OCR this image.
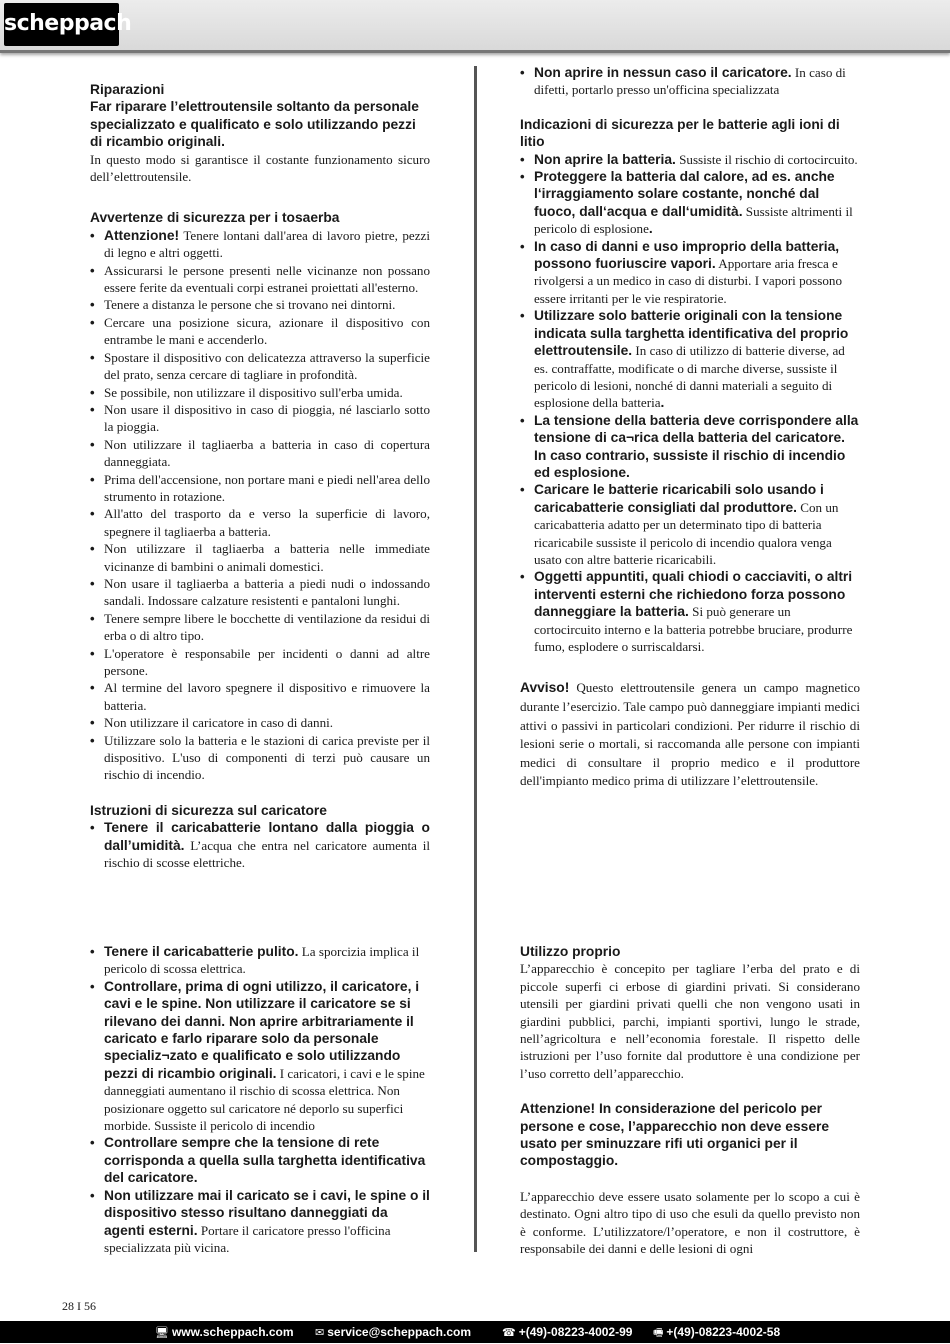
scheppach

Riparazioni

Far riparare l’elettroutensile soltanto da personale specializzato e qualificato e solo utilizzando pezzi di ricambio originali.

In questo modo si garantisce il costante funzionamento sicuro dell’elettroutensile.

Avvertenze di sicurezza per i tosaerba

• Attenzione! Tenere lontani dall'area di lavoro pietre, pezzi di legno e altri oggetti.
• Assicurarsi le persone presenti nelle vicinanze non possano essere ferite da eventuali corpi estranei proiettati all'esterno.
• Tenere a distanza le persone che si trovano nei dintorni.
• Cercare una posizione sicura, azionare il dispositivo con entrambe le mani e accenderlo.
• Spostare il dispositivo con delicatezza attraverso la superficie del prato, senza cercare di tagliare in profondità.
• Se possibile, non utilizzare il dispositivo sull'erba umida.
• Non usare il dispositivo in caso di pioggia, né lasciarlo sotto la pioggia.
• Non utilizzare il tagliaerba a batteria in caso di copertura danneggiata.
• Prima dell'accensione, non portare mani e piedi nell'area dello strumento in rotazione.
• All'atto del trasporto da e verso la superficie di lavoro, spegnere il tagliaerba a batteria.
• Non utilizzare il tagliaerba a batteria nelle immediate vicinanze di bambini o animali domestici.
• Non usare il tagliaerba a batteria a piedi nudi o indossando sandali. Indossare calzature resistenti e pantaloni lunghi.
• Tenere sempre libere le bocchette di ventilazione da residui di erba o di altro tipo.
• L'operatore è responsabile per incidenti o danni ad altre persone.
• Al termine del lavoro spegnere il dispositivo e rimuovere la batteria.
• Non utilizzare il caricatore in caso di danni.
• Utilizzare solo la batteria e le stazioni di carica previste per il dispositivo. L'uso di componenti di terzi può causare un rischio di incendio.

Istruzioni di sicurezza sul caricatore

• Tenere il caricabatterie lontano dalla pioggia o dall’umidità. L’acqua che entra nel caricatore aumenta il rischio di scosse elettriche.
• Tenere il caricabatterie pulito. La sporcizia implica il pericolo di scossa elettrica.
• Controllare, prima di ogni utilizzo, il caricatore, i cavi e le spine. Non utilizzare il caricatore se si rilevano dei danni. Non aprire arbitrariamente il caricato e farlo riparare solo da personale specializ¬zato e qualificato e solo utilizzando pezzi di ricambio originali. I caricatori, i cavi e le spine danneggiati aumentano il rischio di scossa elettrica. Non posizionare oggetto sul caricatore né deporlo su superfici morbide. Sussiste il pericolo di incendio
• Controllare sempre che la tensione di rete corrisponda a quella sulla targhetta identificativa del caricatore.
• Non utilizzare mai il caricato se i cavi, le spine o il dispositivo stesso risultano danneggiati da agenti esterni. Portare il caricatore presso l'officina specializzata più vicina.
• Non aprire in nessun caso il caricatore. In caso di difetti, portarlo presso un'officina specializzata

Indicazioni di sicurezza per le batterie agli ioni di litio

• Non aprire la batteria. Sussiste il rischio di cortocircuito.
• Proteggere la batteria dal calore, ad es. anche l‘irraggiamento solare costante, nonché dal fuoco, dall‘acqua e dall‘umidità. Sussiste altrimenti il pericolo di esplosione.
• In caso di danni e uso improprio della batteria, possono fuoriuscire vapori. Apportare aria fresca e rivolgersi a un medico in caso di disturbi. I vapori possono essere irritanti per le vie respiratorie.
• Utilizzare solo batterie originali con la tensione indicata sulla targhetta identificativa del proprio elettroutensile. In caso di utilizzo di batterie diverse, ad es. contraffatte, modificate o di marche diverse, sussiste il pericolo di lesioni, nonché di danni materiali a seguito di esplosione della batteria.
• La tensione della batteria deve corrispondere alla tensione di ca¬rica della batteria del caricatore. In caso contrario, sussiste il rischio di incendio ed esplosione.
• Caricare le batterie ricaricabili solo usando i caricabatterie consigliati dal produttore. Con un caricabatteria adatto per un determinato tipo di batteria ricaricabile sussiste il pericolo di incendio qualora venga usato con altre batterie ricaricabili.
• Oggetti appuntiti, quali chiodi o cacciaviti, o altri interventi esterni che richiedono forza possono danneggiare la batteria. Si può generare un cortocircuito interno e la batteria potrebbe bruciare, produrre fumo, esplodere o surriscaldarsi.

Avviso! Questo elettroutensile genera un campo magnetico durante l’esercizio. Tale campo può danneggiare impianti medici attivi o passivi in particolari condizioni. Per ridurre il rischio di lesioni serie o mortali, si raccomanda alle persone con impianti medici di consultare il proprio medico e il produttore dell'impianto medico prima di utilizzare l’elettroutensile.

Utilizzo proprio

L’apparecchio è concepito per tagliare l’erba del prato e di piccole superfi ci erbose di giardini privati. Si considerano utensili per giardini privati quelli che non vengono usati in giardini pubblici, parchi, impianti sportivi, lungo le strade, nell’agricoltura e nell’economia forestale. Il rispetto delle istruzioni per l’uso fornite dal produttore è una condizione per l’uso corretto dell’apparecchio.

Attenzione! In considerazione del pericolo per persone e cose, l’apparecchio non deve essere usato per sminuzzare rifi uti organici per il compostaggio.

L’apparecchio deve essere usato solamente per lo scopo a cui è destinato. Ogni altro tipo di uso che esuli da quello previsto non è conforme. L’utilizzatore/l’operatore, e non il costruttore, è responsabile dei danni e delle lesioni di ogni

28 I 56
🖥 www.scheppach.com ✉ service@scheppach.com	☎ +(49)-08223-4002-99 🖷 +(49)-08223-4002-58
